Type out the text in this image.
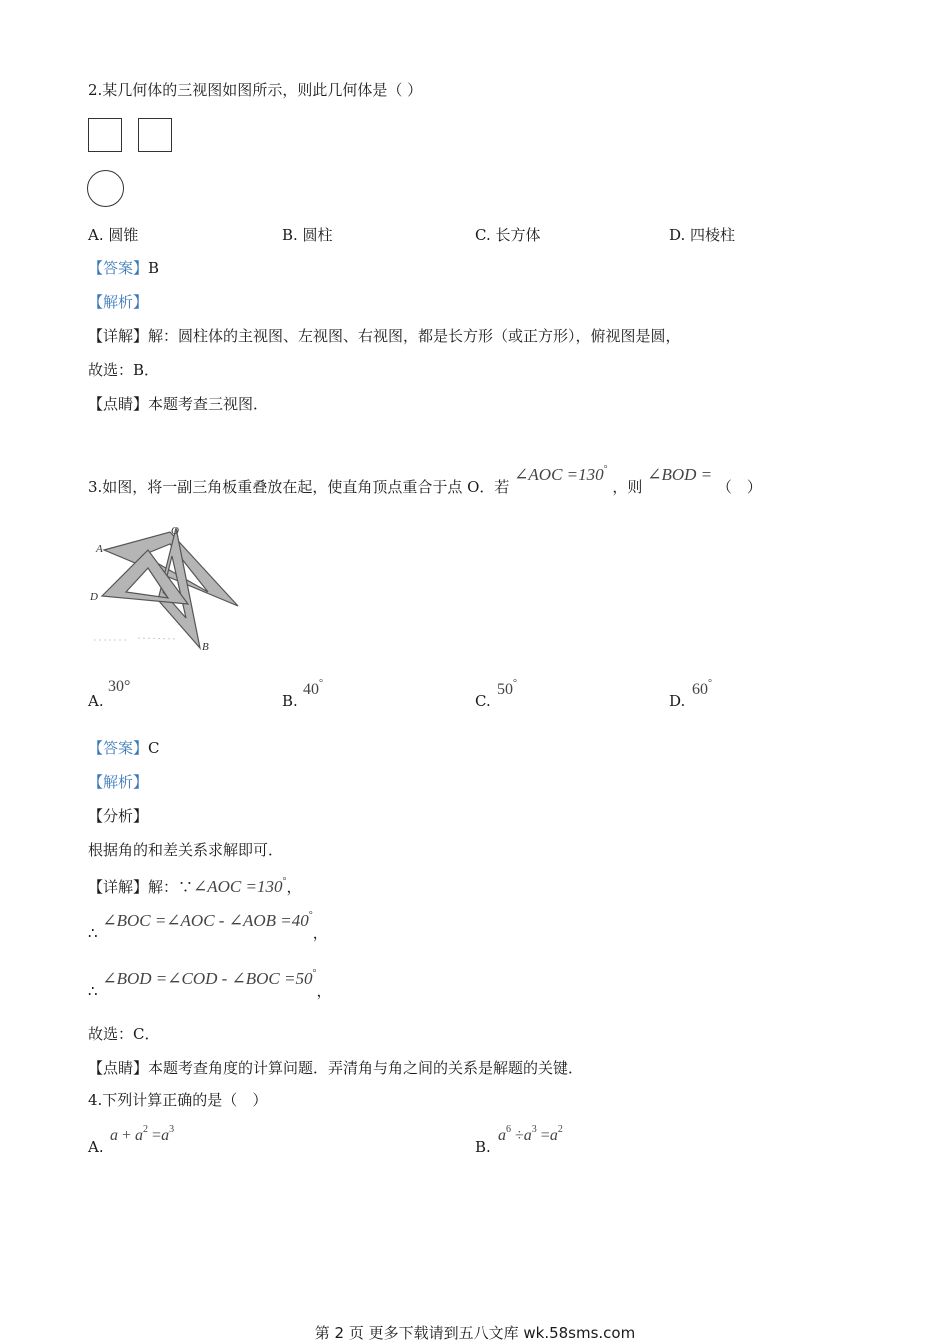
2.某几何体的三视图如图所示，则此几何体是（ ）
A. 圆锥	B. 圆柱	C. 长方体	D. 四棱柱
【答案】B
【解析】
【详解】解：圆柱体的主视图、左视图、右视图，都是长方形（或正方形），俯视图是圆，
故选：B．
【点睛】本题考查三视图．
3.如图，将一副三角板重叠放在起，使直角顶点重合于点 O．若 ∠AOC =130° ，则 ∠BOD = （　）
A
O
D
B
A.
30°
B.
40°
C.
50°
D.
60°
【答案】C
【解析】
【分析】
根据角的和差关系求解即可．
【详解】解：∵∠AOC =130°，
∴ ∠BOC =∠AOC - ∠AOB =40°，
∴ ∠BOD =∠COD - ∠BOC =50°，
故选：C．
【点睛】本题考查角度的计算问题．弄清角与角之间的关系是解题的关键．
4.下列计算正确的是（　）
A.
$a + a^2 =a^3$
B.
$a^6 \div a^3 =a^2$
第 2 页 更多下载请到五八文库 wk.58sms.com
